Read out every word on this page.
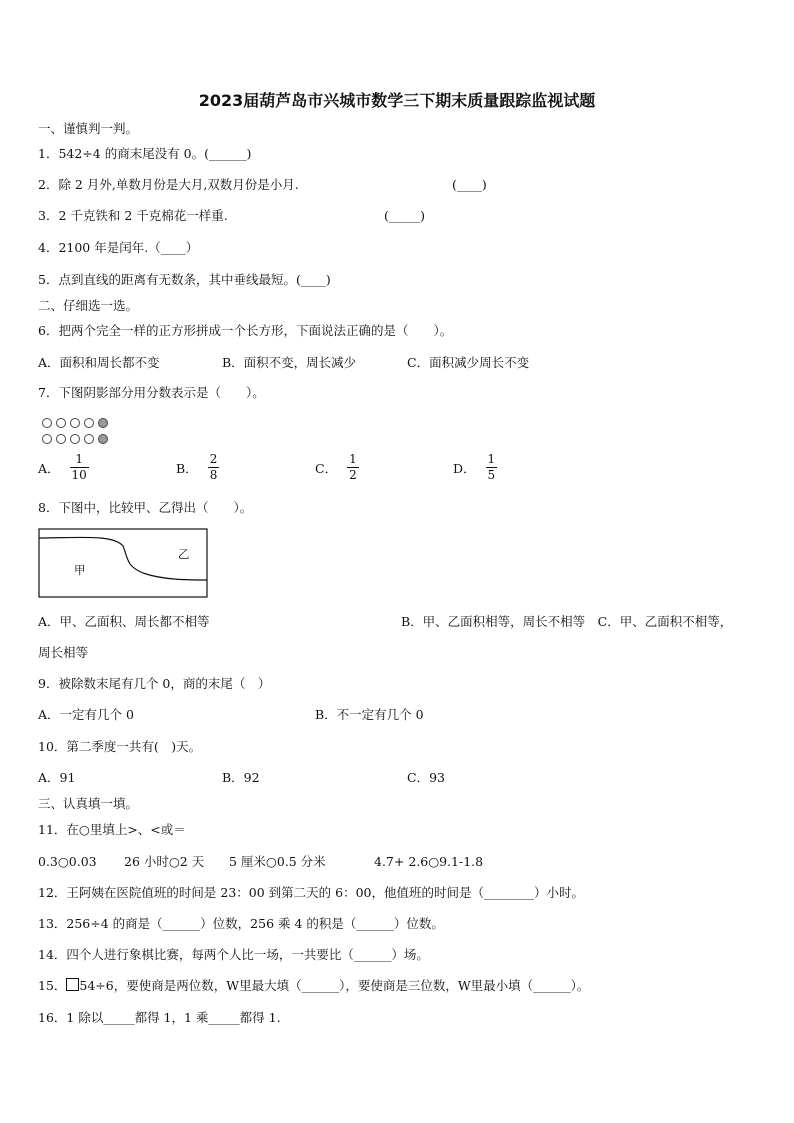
2023届葫芦岛市兴城市数学三下期末质量跟踪监视试题
一、谨慎判一判。
1．542÷4 的商末尾没有 0。(______)
2．除 2 月外,单数月份是大月,双数月份是小月.	(____)
3．2 千克铁和 2 千克棉花一样重.	(_____)
4．2100 年是闰年.（____）
5．点到直线的距离有无数条，其中垂线最短。(____)
二、仔细选一选。
6．把两个完全一样的正方形拼成一个长方形，下面说法正确的是（　　）。
A．面积和周长都不变	B．面积不变，周长减少	C．面积减少周长不变
7．下图阴影部分用分数表示是（　　）。
A． $\frac{1}{10}$	B． $\frac{2}{8}$	C． $\frac{1}{2}$	D． $\frac{1}{5}$
8．下图中，比较甲、乙得出（　　）。
甲
乙
A．甲、乙面积、周长都不相等	B．甲、乙面积相等，周长不相等　C．甲、乙面积不相等，
周长相等
9．被除数末尾有几个 0，商的末尾（　）
A．一定有几个 0	B．不一定有几个 0
10．第二季度一共有(　)天。
A．91	B．92	C．93
三、认真填一填。
11．在○里填上>、<或＝
0.3○0.03 26 小时○2 天 5 厘米○0.5 分米	4.7+ 2.6○9.1-1.8
12．王阿姨在医院值班的时间是 23：00 到第二天的 6：00，他值班的时间是（________）小时。
13．256÷4 的商是（______）位数，256 乘 4 的积是（______）位数。
14．四个人进行象棋比赛，每两个人比一场，一共要比（______）场。
15． 54÷6，要使商是两位数，W里最大填（______），要使商是三位数，W里最小填（______）。
16．1 除以_____都得 1，1 乘_____都得 1.
